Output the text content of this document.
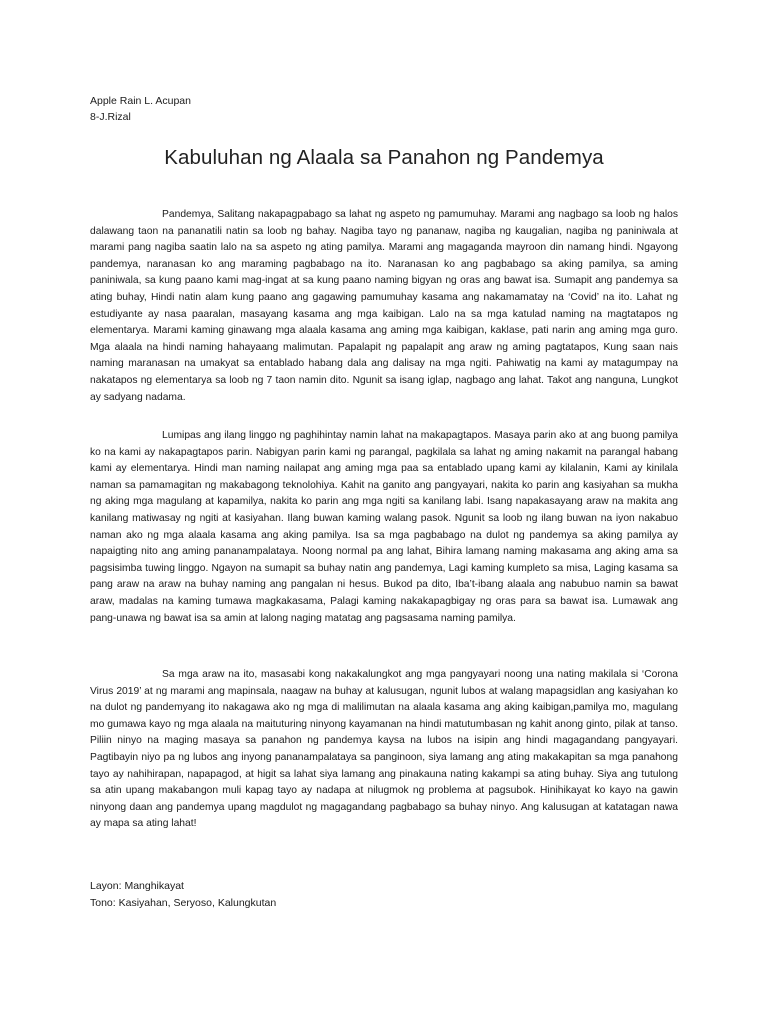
Apple Rain L. Acupan
8-J.Rizal
Kabuluhan ng Alaala sa Panahon ng Pandemya

Pandemya, Salitang nakapagpabago sa lahat ng aspeto ng pamumuhay. Marami ang nagbago sa loob ng halos dalawang taon na pananatili natin sa loob ng bahay. Nagiba tayo ng pananaw, nagiba ng kaugalian, nagiba ng paniniwala at marami pang nagiba saatin lalo na sa aspeto ng ating pamilya. Marami ang magaganda mayroon din namang hindi. Ngayong pandemya, naranasan ko ang maraming pagbabago na ito. Naranasan ko ang pagbabago sa aking pamilya, sa aming paniniwala, sa kung paano kami mag-ingat at sa kung paano naming bigyan ng oras ang bawat isa. Sumapit ang pandemya sa ating buhay, Hindi natin alam kung paano ang gagawing pamumuhay kasama ang nakamamatay na ‘Covid’ na ito. Lahat ng estudiyante ay nasa paaralan, masayang kasama ang mga kaibigan. Lalo na sa mga katulad naming na magtatapos ng elementarya. Marami kaming ginawang mga alaala kasama ang aming mga kaibigan, kaklase, pati narin ang aming mga guro. Mga alaala na hindi naming hahayaang malimutan. Papalapit ng papalapit ang araw ng aming pagtatapos, Kung saan nais naming maranasan na umakyat sa entablado habang dala ang dalisay na mga ngiti. Pahiwatig na kami ay matagumpay na nakatapos ng elementarya sa loob ng 7 taon namin dito. Ngunit sa isang iglap, nagbago ang lahat. Takot ang nanguna, Lungkot ay sadyang nadama.

Lumipas ang ilang linggo ng paghihintay namin lahat na makapagtapos. Masaya parin ako at ang buong pamilya ko na kami ay nakapagtapos parin. Nabigyan parin kami ng parangal, pagkilala sa lahat ng aming nakamit na parangal habang kami ay elementarya. Hindi man naming nailapat ang aming mga paa sa entablado upang kami ay kilalanin, Kami ay kinilala naman sa pamamagitan ng makabagong teknolohiya. Kahit na ganito ang pangyayari, nakita ko parin ang kasiyahan sa mukha ng aking mga magulang at kapamilya, nakita ko parin ang mga ngiti sa kanilang labi. Isang napakasayang araw na makita ang kanilang matiwasay ng ngiti at kasiyahan. Ilang buwan kaming walang pasok. Ngunit sa loob ng ilang buwan na iyon nakabuo naman ako ng mga alaala kasama ang aking pamilya. Isa sa mga pagbabago na dulot ng pandemya sa aking pamilya ay napaigting nito ang aming pananampalataya. Noong normal pa ang lahat, Bihira lamang naming makasama ang aking ama sa pagsisimba tuwing linggo. Ngayon na sumapit sa buhay natin ang pandemya, Lagi kaming kumpleto sa misa, Laging kasama sa pang araw na araw na buhay naming ang pangalan ni hesus. Bukod pa dito, Iba’t-ibang alaala ang nabubuo namin sa bawat araw, madalas na kaming tumawa magkakasama, Palagi kaming nakakapagbigay ng oras para sa bawat isa. Lumawak ang pang-unawa ng bawat isa sa amin at lalong naging matatag ang pagsasama naming pamilya.

Sa mga araw na ito, masasabi kong nakakalungkot ang mga pangyayari noong una nating makilala si ‘Corona Virus 2019’ at ng marami ang mapinsala, naagaw na buhay at kalusugan, ngunit lubos at walang mapagsidlan ang kasiyahan ko na dulot ng pandemyang ito nakagawa ako ng mga di malilimutan na alaala kasama ang aking kaibigan,pamilya mo, magulang mo gumawa kayo ng mga alaala na maituturing ninyong kayamanan na hindi matutumbasan ng kahit anong ginto, pilak at tanso. Piliin ninyo na maging masaya sa panahon ng pandemya kaysa na lubos na isipin ang hindi magagandang pangyayari. Pagtibayin niyo pa ng lubos ang inyong pananampalataya sa panginoon, siya lamang ang ating makakapitan sa mga panahong tayo ay nahihirapan, napapagod, at higit sa lahat siya lamang ang pinakauna nating kakampi sa ating buhay. Siya ang tutulong sa atin upang makabangon muli kapag tayo ay nadapa at nilugmok ng problema at pagsubok. Hinihikayat ko kayo na gawin ninyong daan ang pandemya upang magdulot ng magagandang pagbabago sa buhay ninyo. Ang kalusugan at katatagan nawa ay mapa sa ating lahat!

Layon: Manghikayat
Tono: Kasiyahan, Seryoso, Kalungkutan
